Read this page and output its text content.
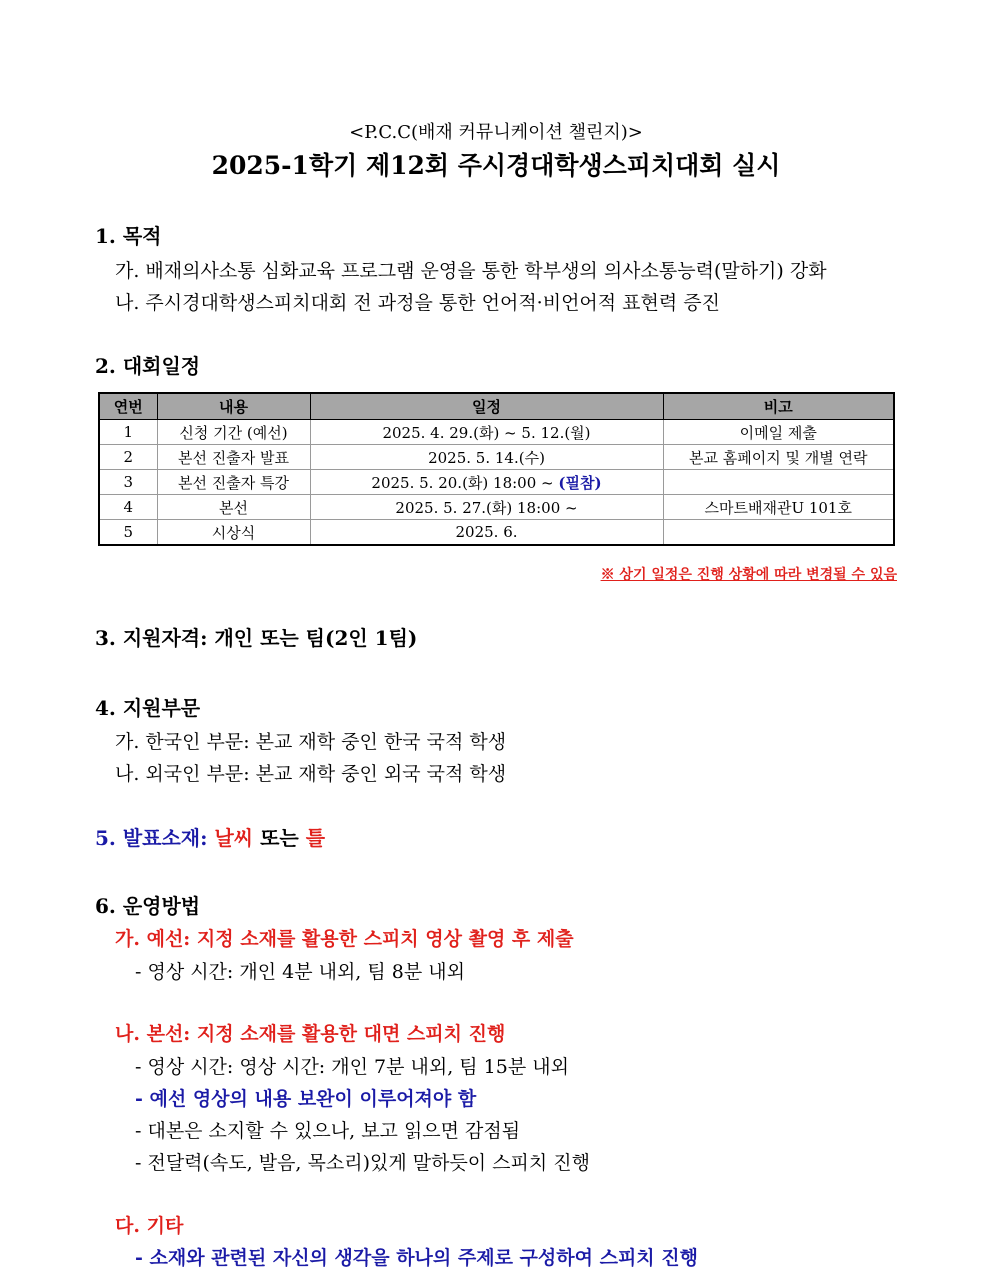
<P.C.C(배재 커뮤니케이션 챌린지)>
2025-1학기 제12회 주시경대학생스피치대회 실시
1. 목적
가. 배재의사소통 심화교육 프로그램 운영을 통한 학부생의 의사소통능력(말하기) 강화
나. 주시경대학생스피치대회 전 과정을 통한 언어적·비언어적 표현력 증진
2. 대회일정
연번	내용	일정	비고
1	신청 기간 (예선)	2025. 4. 29.(화) ~ 5. 12.(월)	이메일 제출
2	본선 진출자 발표	2025. 5. 14.(수)	본교 홈페이지 및 개별 연락
3	본선 진출자 특강	2025. 5. 20.(화) 18:00 ~ (필참)	
4	본선	2025. 5. 27.(화) 18:00 ~	스마트배재관U 101호
5	시상식	2025. 6.	
※ 상기 일정은 진행 상황에 따라 변경될 수 있음
3. 지원자격: 개인 또는 팀(2인 1팀)
4. 지원부문
가. 한국인 부문: 본교 재학 중인 한국 국적 학생
나. 외국인 부문: 본교 재학 중인 외국 국적 학생
5. 발표소재: 날씨 또는 틀
6. 운영방법
가. 예선: 지정 소재를 활용한 스피치 영상 촬영 후 제출
- 영상 시간: 개인 4분 내외, 팀 8분 내외
나. 본선: 지정 소재를 활용한 대면 스피치 진행
- 영상 시간: 영상 시간: 개인 7분 내외, 팀 15분 내외
- 예선 영상의 내용 보완이 이루어져야 함
- 대본은 소지할 수 있으나, 보고 읽으면 감점됨
- 전달력(속도, 발음, 목소리)있게 말하듯이 스피치 진행
다. 기타
- 소재와 관련된 자신의 생각을 하나의 주제로 구성하여 스피치 진행
